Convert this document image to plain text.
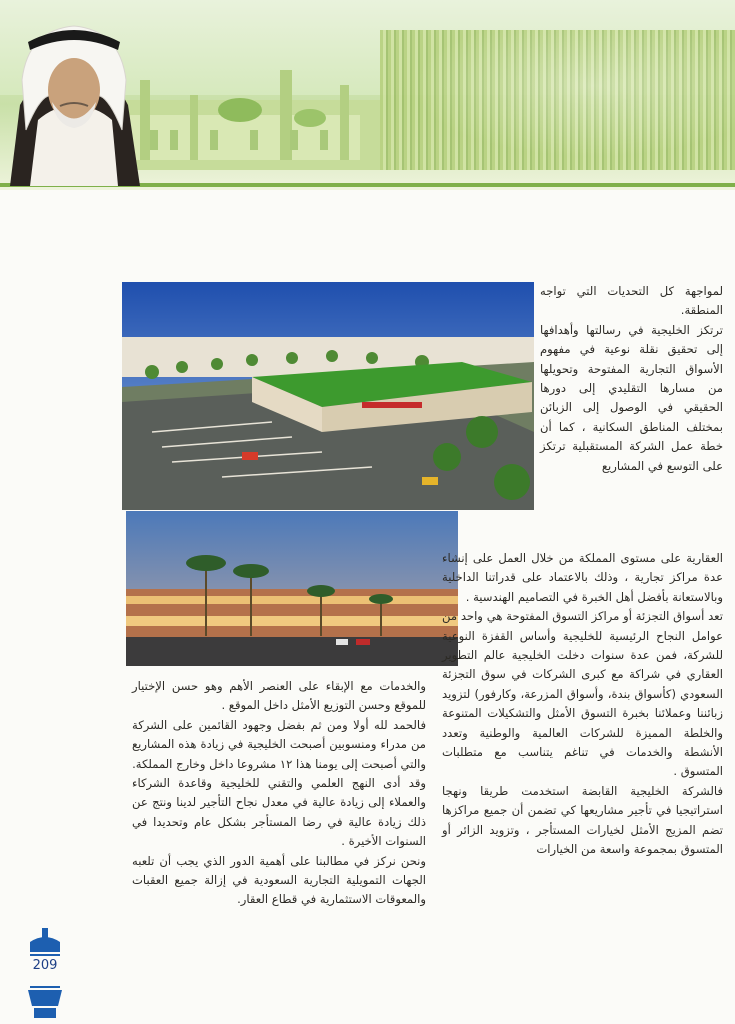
لمواجهة كل التحديات التي تواجه المنطقة.

ترتكز الخليجية في رسالتها وأهدافها إلى تحقيق نقلة نوعية في مفهوم الأسواق التجارية المفتوحة وتحويلها من مسارها التقليدي إلى دورها الحقيقي في الوصول إلى الزبائن بمختلف المناطق السكانية ، كما أن خطة عمل الشركة المستقبلية ترتكز على التوسع في المشاريع

العقارية على مستوى المملكة من خلال العمل على إنشاء عدة مراكز تجارية ، وذلك بالاعتماد على قدراتنا الداخلية وبالاستعانة بأفضل أهل الخبرة في التصاميم الهندسية .

تعد أسواق التجزئة أو مراكز التسوق المفتوحة هي واحد من عوامل النجاح الرئيسية للخليجية وأساس القفزة النوعية للشركة، فمن عدة سنوات دخلت الخليجية عالم التطوير العقاري في شراكة مع كبرى الشركات في سوق التجزئة السعودي (كأسواق بندة، وأسواق المزرعة، وكارفور) لتزويد زبائننا وعملائنا بخبرة التسوق الأمثل والتشكيلات المتنوعة والخلطة المميزة للشركات العالمية والوطنية وتعدد الأنشطة والخدمات في تناغم يتناسب مع متطلبات المتسوق .

فالشركة الخليجية القابضة استخدمت طريقا ونهجا استراتيجيا في تأجير مشاريعها كي تضمن أن جميع مراكزها تضم المزيج الأمثل لخيارات المستأجر ، وتزويد الزائر أو المتسوق بمجموعة واسعة من الخيارات

والخدمات مع الإبقاء على العنصر الأهم وهو حسن الإختيار للموقع وحسن التوزيع الأمثل داخل الموقع .

فالحمد لله أولا ومن ثم بفضل وجهود القائمين على الشركة من مدراء ومنسوبين أصبحت الخليجية في زيادة هذه المشاريع والتي أصبحت إلى يومنا هذا ١٢ مشروعا داخل وخارج المملكة.

وقد أدى النهج العلمي والتقني للخليجية وقاعدة الشركاء والعملاء إلى زيادة عالية في معدل نجاح التأجير لدينا ونتج عن ذلك زيادة عالية في رضا المستأجر بشكل عام وتحديدا في السنوات الأخيرة .

ونحن نركز في مطالبنا على أهمية الدور الذي يجب أن تلعبه الجهات التمويلية التجارية السعودية في إزالة جميع العقبات والمعوقات الاستثمارية في قطاع العقار.

209
